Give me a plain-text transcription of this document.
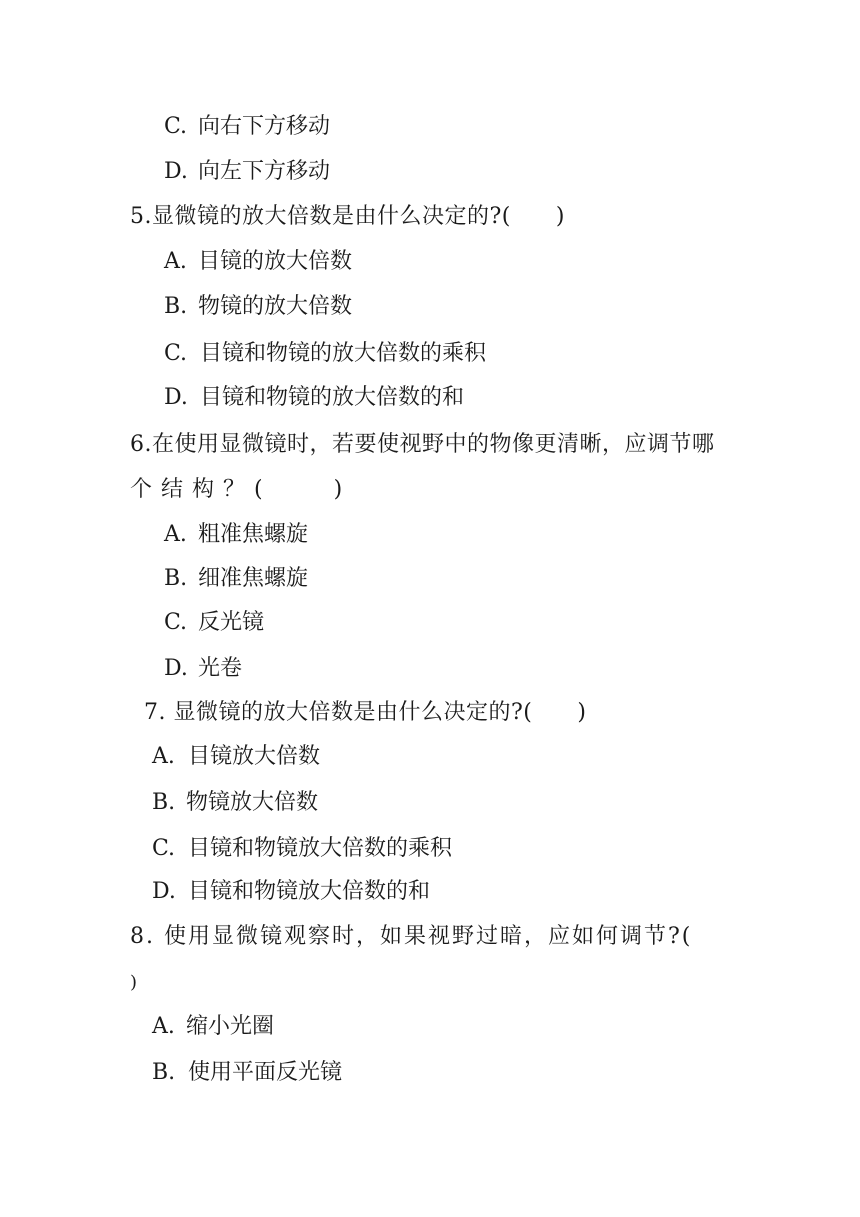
C. 向右下方移动
D. 向左下方移动
5.显微镜的放大倍数是由什么决定的?(　　)
A. 目镜的放大倍数
B. 物镜的放大倍数
C. 目镜和物镜的放大倍数的乘积
D. 目镜和物镜的放大倍数的和
6.在使用显微镜时，若要使视野中的物像更清晰，应调节哪
个结构？(　　)
A. 粗准焦螺旋
B. 细准焦螺旋
C. 反光镜
D. 光卷
7. 显微镜的放大倍数是由什么决定的?(　　)
A. 目镜放大倍数
B. 物镜放大倍数
C. 目镜和物镜放大倍数的乘积
D. 目镜和物镜放大倍数的和
8. 使用显微镜观察时，如果视野过暗，应如何调节?(
)
A. 缩小光圈
B. 使用平面反光镜
